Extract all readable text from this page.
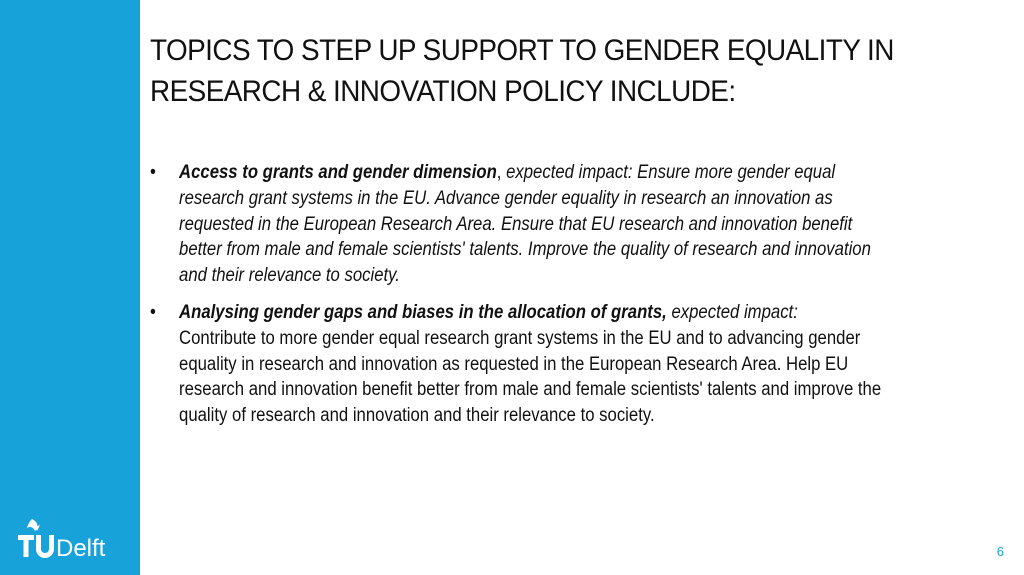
Delft
TOPICS TO STEP UP SUPPORT TO GENDER EQUALITY IN
RESEARCH & INNOVATION POLICY INCLUDE:
•	Access to grants and gender dimension, expected impact: Ensure more gender equal
research grant systems in the EU. Advance gender equality in research an innovation as
requested in the European Research Area. Ensure that EU research and innovation benefit
better from male and female scientists' talents. Improve the quality of research and innovation
and their relevance to society.
•	Analysing gender gaps and biases in the allocation of grants, expected impact:
Contribute to more gender equal research grant systems in the EU and to advancing gender
equality in research and innovation as requested in the European Research Area. Help EU
research and innovation benefit better from male and female scientists' talents and improve the
quality of research and innovation and their relevance to society.
6
